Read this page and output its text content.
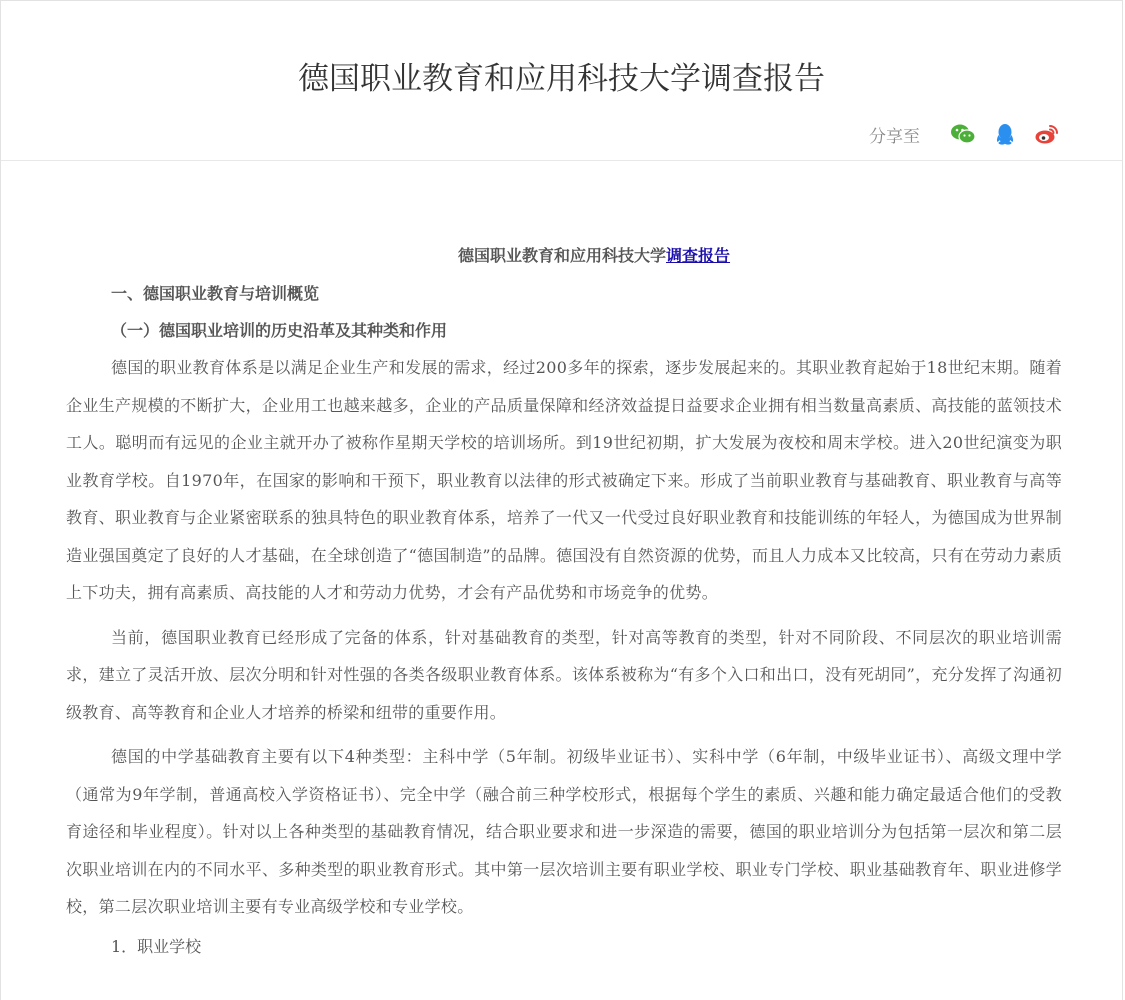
德国职业教育和应用科技大学调查报告
分享至
德国职业教育和应用科技大学调查报告
一、德国职业教育与培训概览
（一）德国职业培训的历史沿革及其种类和作用

德国的职业教育体系是以满足企业生产和发展的需求，经过200多年的探索，逐步发展起来的。其职业教育起始于18世纪末期。随着企业生产规模的不断扩大，企业用工也越来越多，企业的产品质量保障和经济效益提日益要求企业拥有相当数量高素质、高技能的蓝领技术工人。聪明而有远见的企业主就开办了被称作星期天学校的培训场所。到19世纪初期，扩大发展为夜校和周末学校。进入20世纪演变为职业教育学校。自1970年，在国家的影响和干预下，职业教育以法律的形式被确定下来。形成了当前职业教育与基础教育、职业教育与高等教育、职业教育与企业紧密联系的独具特色的职业教育体系，培养了一代又一代受过良好职业教育和技能训练的年轻人，为德国成为世界制造业强国奠定了良好的人才基础，在全球创造了“德国制造”的品牌。德国没有自然资源的优势，而且人力成本又比较高，只有在劳动力素质上下功夫，拥有高素质、高技能的人才和劳动力优势，才会有产品优势和市场竞争的优势。

当前，德国职业教育已经形成了完备的体系，针对基础教育的类型，针对高等教育的类型，针对不同阶段、不同层次的职业培训需求，建立了灵活开放、层次分明和针对性强的各类各级职业教育体系。该体系被称为“有多个入口和出口，没有死胡同”，充分发挥了沟通初级教育、高等教育和企业人才培养的桥梁和纽带的重要作用。

德国的中学基础教育主要有以下4种类型：主科中学（5年制。初级毕业证书）、实科中学（6年制，中级毕业证书）、高级文理中学（通常为9年学制，普通高校入学资格证书）、完全中学（融合前三种学校形式，根据每个学生的素质、兴趣和能力确定最适合他们的受教育途径和毕业程度）。针对以上各种类型的基础教育情况，结合职业要求和进一步深造的需要，德国的职业培训分为包括第一层次和第二层次职业培训在内的不同水平、多种类型的职业教育形式。其中第一层次培训主要有职业学校、职业专门学校、职业基础教育年、职业进修学校，第二层次职业培训主要有专业高级学校和专业学校。

1．职业学校
